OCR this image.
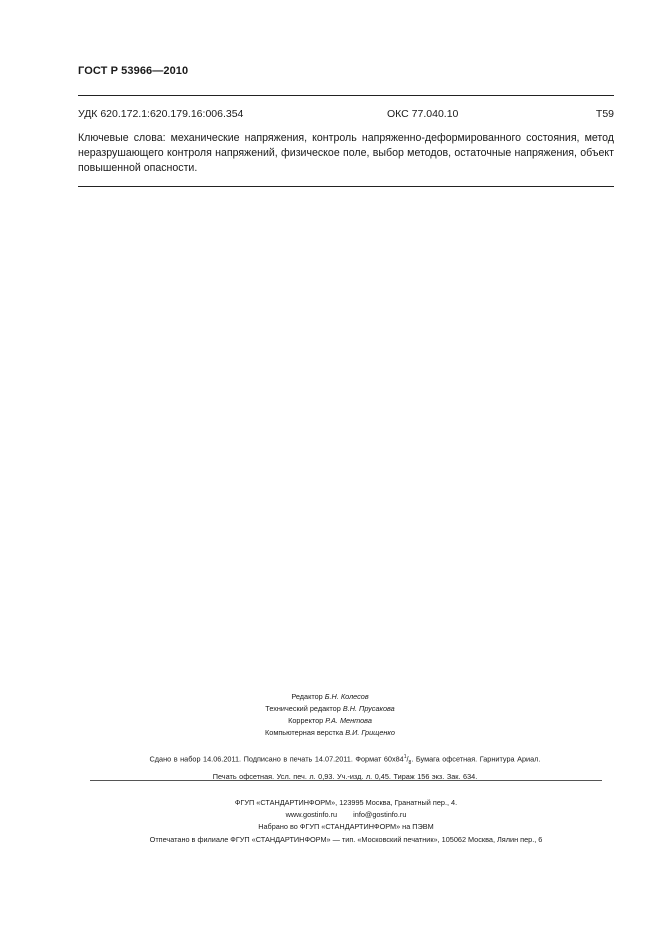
ГОСТ Р 53966—2010
УДК 620.172.1:620.179.16:006.354	ОКС 77.040.10	Т59

Ключевые слова: механические напряжения, контроль напряженно-деформированного состояния, метод неразрушающего контроля напряжений, физическое поле, выбор методов, остаточные напряжения, объект повышенной опасности.

Редактор Б.Н. Колесов
Технический редактор В.Н. Прусакова
Корректор Р.А. Ментова
Компьютерная верстка В.И. Грищенко
Сдано в набор 14.06.2011. Подписано в печать 14.07.2011. Формат $60x84^1/_8$. Бумага офсетная. Гарнитура Ариал.
Печать офсетная. Усл. печ. л. 0,93. Уч.-изд. л. 0,45. Тираж 156 экз. Зак. 634.
ФГУП «СТАНДАРТИНФОРМ», 123995 Москва, Гранатный пер., 4.
www.gostinfo.ru info@gostinfo.ru
Набрано во ФГУП «СТАНДАРТИНФОРМ» на ПЭВМ
Отпечатано в филиале ФГУП «СТАНДАРТИНФОРМ» — тип. «Московский печатник», 105062 Москва, Лялин пер., 6
